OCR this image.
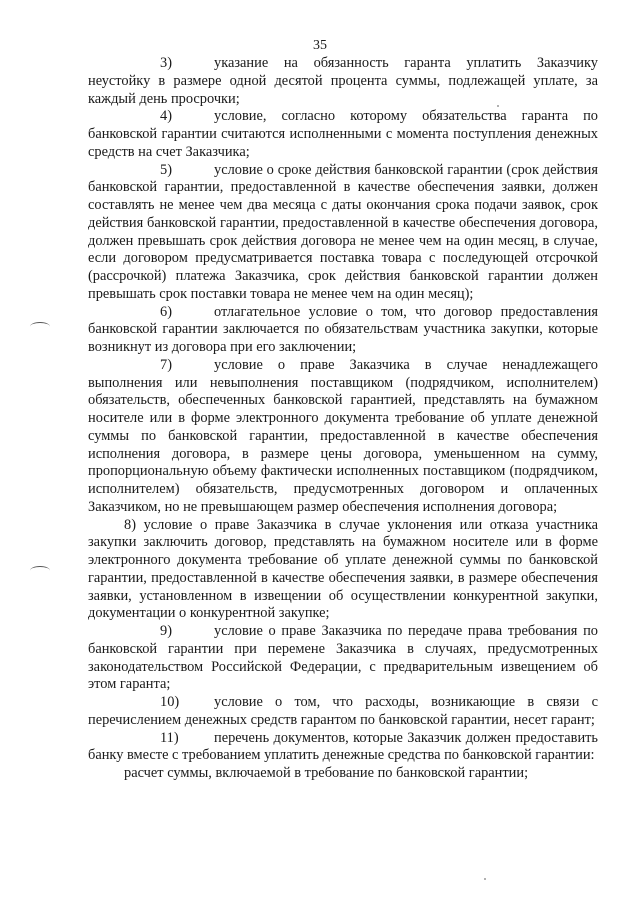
35

3)	указание на обязанность гаранта уплатить Заказчику неустойку в размере одной десятой процента суммы, подлежащей уплате, за каждый день просрочки;

4)	условие, согласно которому обязательства гаранта по банковской гарантии считаются исполненными с момента поступления денежных средств на счет Заказчика;

5)	условие о сроке действия банковской гарантии (срок действия банковской гарантии, предоставленной в качестве обеспечения заявки, должен составлять не менее чем два месяца с даты окончания срока подачи заявок, срок действия банковской гарантии, предоставленной в качестве обеспечения договора, должен превышать срок действия договора не менее чем на один месяц, в случае, если договором предусматривается поставка товара с последующей отсрочкой (рассрочкой) платежа Заказчика, срок действия банковской гарантии должен превышать срок поставки товара не менее чем на один месяц);

6)	отлагательное условие о том, что договор предоставления банковской гарантии заключается по обязательствам участника закупки, которые возникнут из договора при его заключении;

7)	условие о праве Заказчика в случае ненадлежащего выполнения или невыполнения поставщиком (подрядчиком, исполнителем) обязательств, обеспеченных банковской гарантией, представлять на бумажном носителе или в форме электронного документа требование об уплате денежной суммы по банковской гарантии, предоставленной в качестве обеспечения исполнения договора, в размере цены договора, уменьшенном на сумму, пропорциональную объему фактически исполненных поставщиком (подрядчиком, исполнителем) обязательств, предусмотренных договором и оплаченных Заказчиком, но не превышающем размер обеспечения исполнения договора;

8) условие о праве Заказчика в случае уклонения или отказа участника закупки заключить договор, представлять на бумажном носителе или в форме электронного документа требование об уплате денежной суммы по банковской гарантии, предоставленной в качестве обеспечения заявки, в размере обеспечения заявки, установленном в извещении об осуществлении конкурентной закупки, документации о конкурентной закупке;

9)	условие о праве Заказчика по передаче права требования по банковской гарантии при перемене Заказчика в случаях, предусмотренных законодательством Российской Федерации, с предварительным извещением об этом гаранта;

10) условие о том, что расходы, возникающие в связи с перечислением денежных средств гарантом по банковской гарантии, несет гарант;

11) перечень документов, которые Заказчик должен предоставить банку вместе с требованием уплатить денежные средства по банковской гарантии:

расчет суммы, включаемой в требование по банковской гарантии;
